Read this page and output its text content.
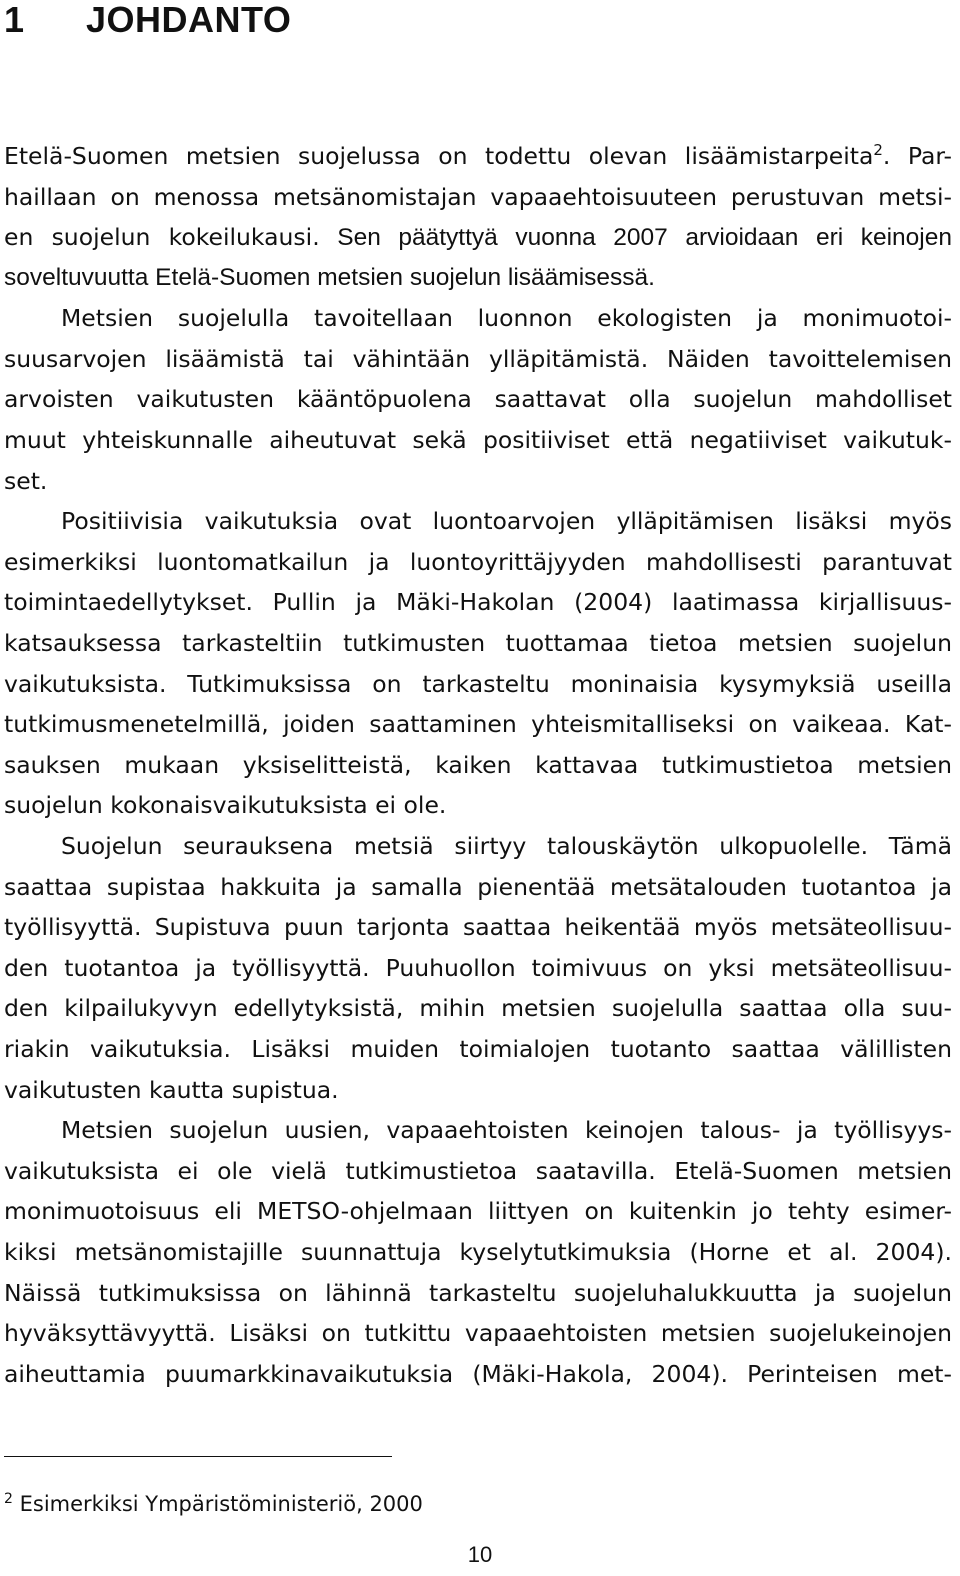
1 JOHDANTO
Etelä-Suomen metsien suojelussa on todettu olevan lisäämistarpeita$^2$. Par-
haillaan on menossa metsänomistajan vapaaehtoisuuteen perustuvan metsi-
en suojelun kokeilukausi. Sen päätyttyä vuonna 2007 arvioidaan eri keinojen
soveltuvuutta Etelä-Suomen metsien suojelun lisäämisessä.
Metsien suojelulla tavoitellaan luonnon ekologisten ja monimuotoi-
suusarvojen lisäämistä tai vähintään ylläpitämistä. Näiden tavoittelemisen
arvoisten vaikutusten kääntöpuolena saattavat olla suojelun mahdolliset
muut yhteiskunnalle aiheutuvat sekä positiiviset että negatiiviset vaikutuk-
set.
Positiivisia vaikutuksia ovat luontoarvojen ylläpitämisen lisäksi myös
esimerkiksi luontomatkailun ja luontoyrittäjyyden mahdollisesti parantuvat
toimintaedellytykset. Pullin ja Mäki-Hakolan (2004) laatimassa kirjallisuus-
katsauksessa tarkasteltiin tutkimusten tuottamaa tietoa metsien suojelun
vaikutuksista. Tutkimuksissa on tarkasteltu moninaisia kysymyksiä useilla
tutkimusmenetelmillä, joiden saattaminen yhteismitalliseksi on vaikeaa. Kat-
sauksen mukaan yksiselitteistä, kaiken kattavaa tutkimustietoa metsien
suojelun kokonaisvaikutuksista ei ole.
Suojelun seurauksena metsiä siirtyy talouskäytön ulkopuolelle. Tämä
saattaa supistaa hakkuita ja samalla pienentää metsätalouden tuotantoa ja
työllisyyttä. Supistuva puun tarjonta saattaa heikentää myös metsäteollisuu-
den tuotantoa ja työllisyyttä. Puuhuollon toimivuus on yksi metsäteollisuu-
den kilpailukyvyn edellytyksistä, mihin metsien suojelulla saattaa olla suu-
riakin vaikutuksia. Lisäksi muiden toimialojen tuotanto saattaa välillisten
vaikutusten kautta supistua.
Metsien suojelun uusien, vapaaehtoisten keinojen talous- ja työllisyys-
vaikutuksista ei ole vielä tutkimustietoa saatavilla. Etelä-Suomen metsien
monimuotoisuus eli METSO-ohjelmaan liittyen on kuitenkin jo tehty esimer-
kiksi metsänomistajille suunnattuja kyselytutkimuksia (Horne et al. 2004).
Näissä tutkimuksissa on lähinnä tarkasteltu suojeluhalukkuutta ja suojelun
hyväksyttävyyttä. Lisäksi on tutkittu vapaaehtoisten metsien suojelukeinojen
aiheuttamia puumarkkinavaikutuksia (Mäki-Hakola, 2004). Perinteisen met-
$^2$ Esimerkiksi Ympäristöministeriö, 2000
10
